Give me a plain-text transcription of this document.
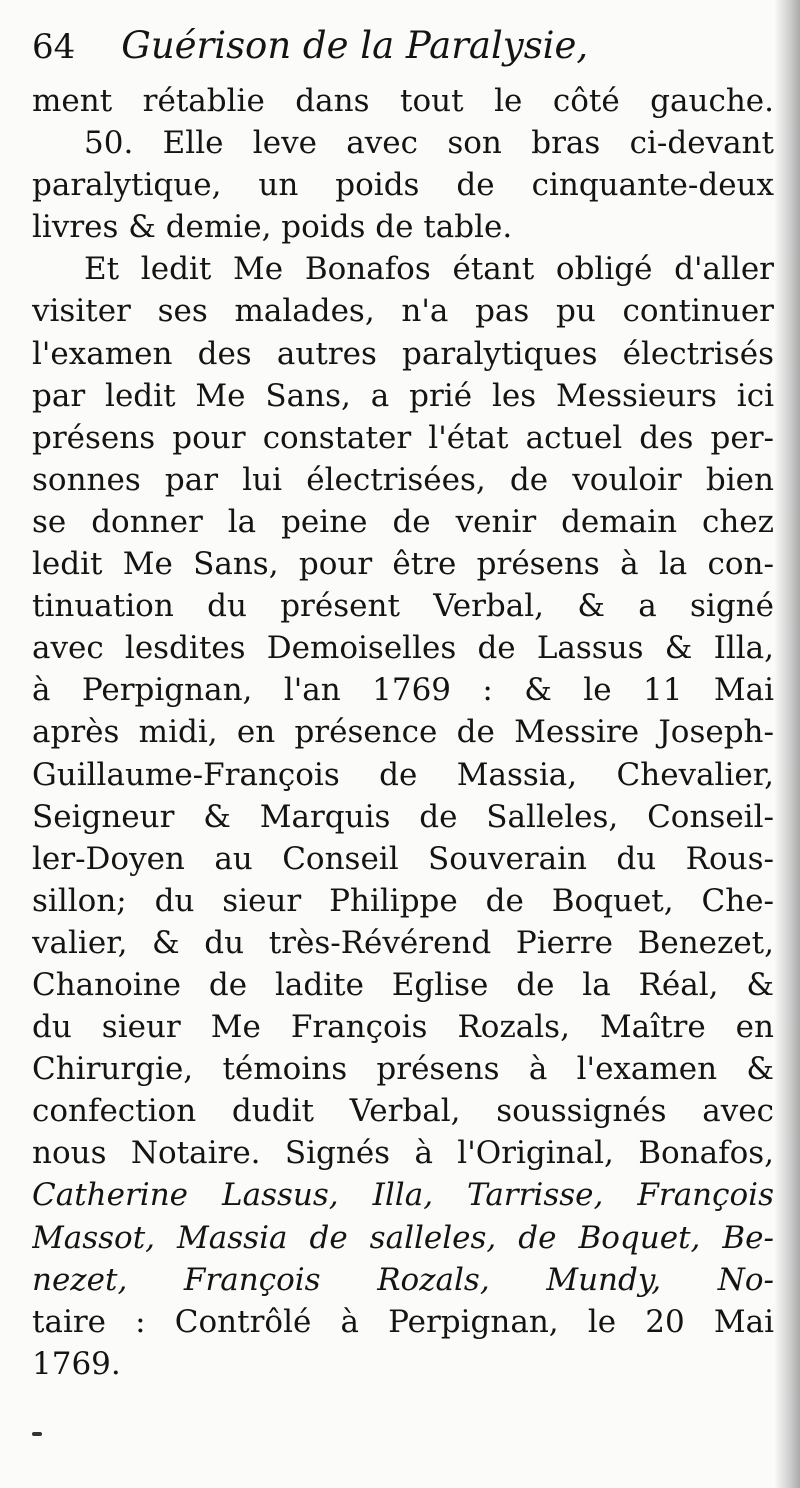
64 Guérison de la Paralysie,
ment rétablie dans tout le côté gauche.
50. Elle leve avec son bras ci-devant
paralytique, un poids de cinquante-deux
livres & demie, poids de table.
Et ledit Me Bonafos étant obligé d'aller
visiter ses malades, n'a pas pu continuer
l'examen des autres paralytiques électrisés
par ledit Me Sans, a prié les Messieurs ici
présens pour constater l'état actuel des per-
sonnes par lui électrisées, de vouloir bien
se donner la peine de venir demain chez
ledit Me Sans, pour être présens à la con-
tinuation du présent Verbal, & a signé
avec lesdites Demoiselles de Lassus & Illa,
à Perpignan, l'an 1769 : & le 11 Mai
après midi, en présence de Messire Joseph-
Guillaume-François de Massia, Chevalier,
Seigneur & Marquis de Salleles, Conseil-
ler-Doyen au Conseil Souverain du Rous-
sillon; du sieur Philippe de Boquet, Che-
valier, & du très-Révérend Pierre Benezet,
Chanoine de ladite Eglise de la Réal, &
du sieur Me François Rozals, Maître en
Chirurgie, témoins présens à l'examen &
confection dudit Verbal, soussignés avec
nous Notaire. Signés à l'Original, Bonafos,
Catherine Lassus, Illa, Tarrisse, François
Massot, Massia de salleles, de Boquet, Be-
nezet, François Rozals, Mundy, No-
taire : Contrôlé à Perpignan, le 20 Mai
1769.
